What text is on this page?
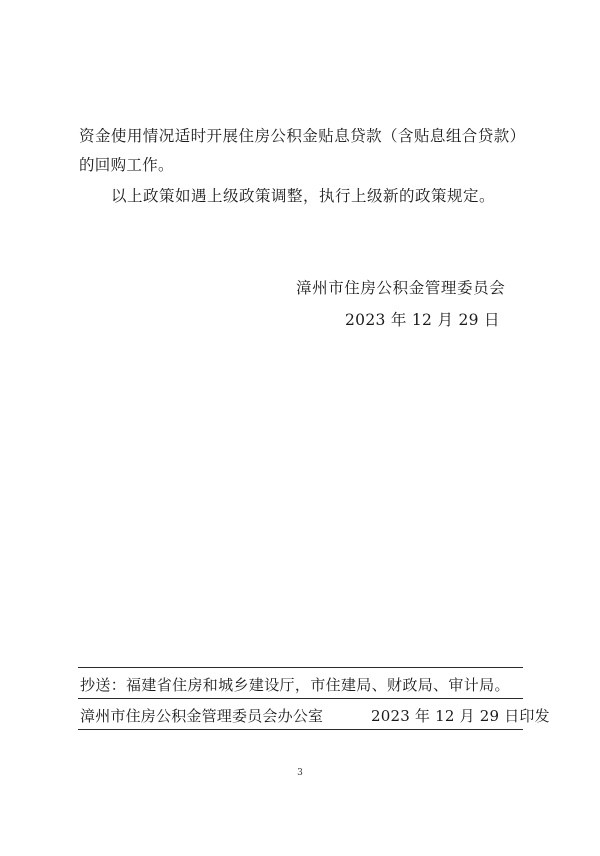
资金使用情况适时开展住房公积金贴息贷款（含贴息组合贷款）
的回购工作。
以上政策如遇上级政策调整，执行上级新的政策规定。
漳州市住房公积金管理委员会
2023 年 12 月 29 日
抄送：福建省住房和城乡建设厅，市住建局、财政局、审计局。
漳州市住房公积金管理委员会办公室	2023 年 12 月 29 日印发
3
